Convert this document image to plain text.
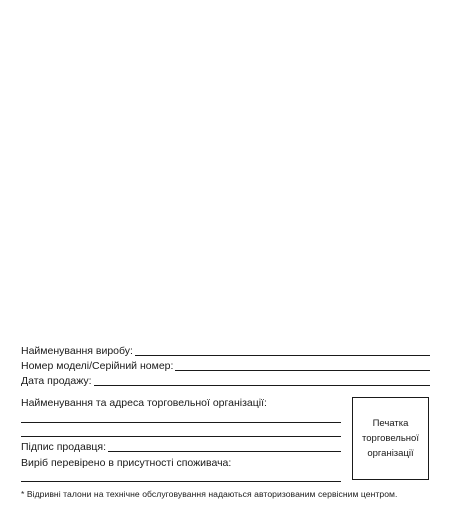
Найменування виробу:
Номер моделі/Серійний номер:
Дата продажу:
Найменування та адреса торговельної організації:
Підпис продавця:
Виріб перевірено в присутності споживача:
Печатка
торговельної
організації
* Відривні талони на технічне обслуговування надаються авторизованим сервісним центром.
